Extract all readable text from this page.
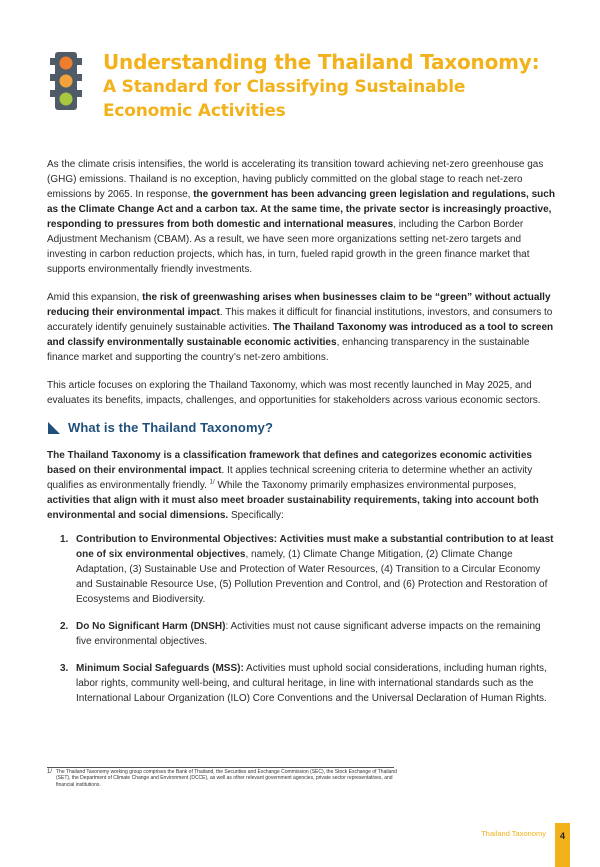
Understanding the Thailand Taxonomy:
A Standard for Classifying Sustainable
Economic Activities

As the climate crisis intensifies, the world is accelerating its transition toward achieving net-zero greenhouse gas (GHG) emissions. Thailand is no exception, having publicly committed on the global stage to reach net-zero emissions by 2065. In response, the government has been advancing green legislation and regulations, such as the Climate Change Act and a carbon tax. At the same time, the private sector is increasingly proactive, responding to pressures from both domestic and international measures, including the Carbon Border Adjustment Mechanism (CBAM). As a result, we have seen more organizations setting net-zero targets and investing in carbon reduction projects, which has, in turn, fueled rapid growth in the green finance market that supports environmentally friendly investments.

Amid this expansion, the risk of greenwashing arises when businesses claim to be “green” without actually reducing their environmental impact. This makes it difficult for financial institutions, investors, and consumers to accurately identify genuinely sustainable activities. The Thailand Taxonomy was introduced as a tool to screen and classify environmentally sustainable economic activities, enhancing transparency in the sustainable finance market and supporting the country’s net-zero ambitions.

This article focuses on exploring the Thailand Taxonomy, which was most recently launched in May 2025, and evaluates its benefits, impacts, challenges, and opportunities for stakeholders across various economic sectors.

What is the Thailand Taxonomy?
The Thailand Taxonomy is a classification framework that defines and categorizes economic activities based on their environmental impact. It applies technical screening criteria to determine whether an activity qualifies as environmentally friendly. $^{1/}$ While the Taxonomy primarily emphasizes environmental purposes, activities that align with it must also meet broader sustainability requirements, taking into account both environmental and social dimensions. Specifically:
1. Contribution to Environmental Objectives: Activities must make a substantial contribution to at least one of six environmental objectives, namely, (1) Climate Change Mitigation, (2) Climate Change Adaptation, (3) Sustainable Use and Protection of Water Resources, (4) Transition to a Circular Economy and Sustainable Resource Use, (5) Pollution Prevention and Control, and (6) Protection and Restoration of Ecosystems and Biodiversity.
2. Do No Significant Harm (DNSH): Activities must not cause significant adverse impacts on the remaining five environmental objectives.
3. Minimum Social Safeguards (MSS): Activities must uphold social considerations, including human rights, labor rights, community well-being, and cultural heritage, in line with international standards such as the International Labour Organization (ILO) Core Conventions and the Universal Declaration of Human Rights.
1/ The Thailand Taxonomy working group comprises the Bank of Thailand, the Securities and Exchange Commission (SEC), the Stock Exchange of Thailand (SET), the Department of Climate Change and Environment (DCCE), as well as other relevant government agencies, private sector representatives, and financial institutions.
Thailand Taxonomy	4
